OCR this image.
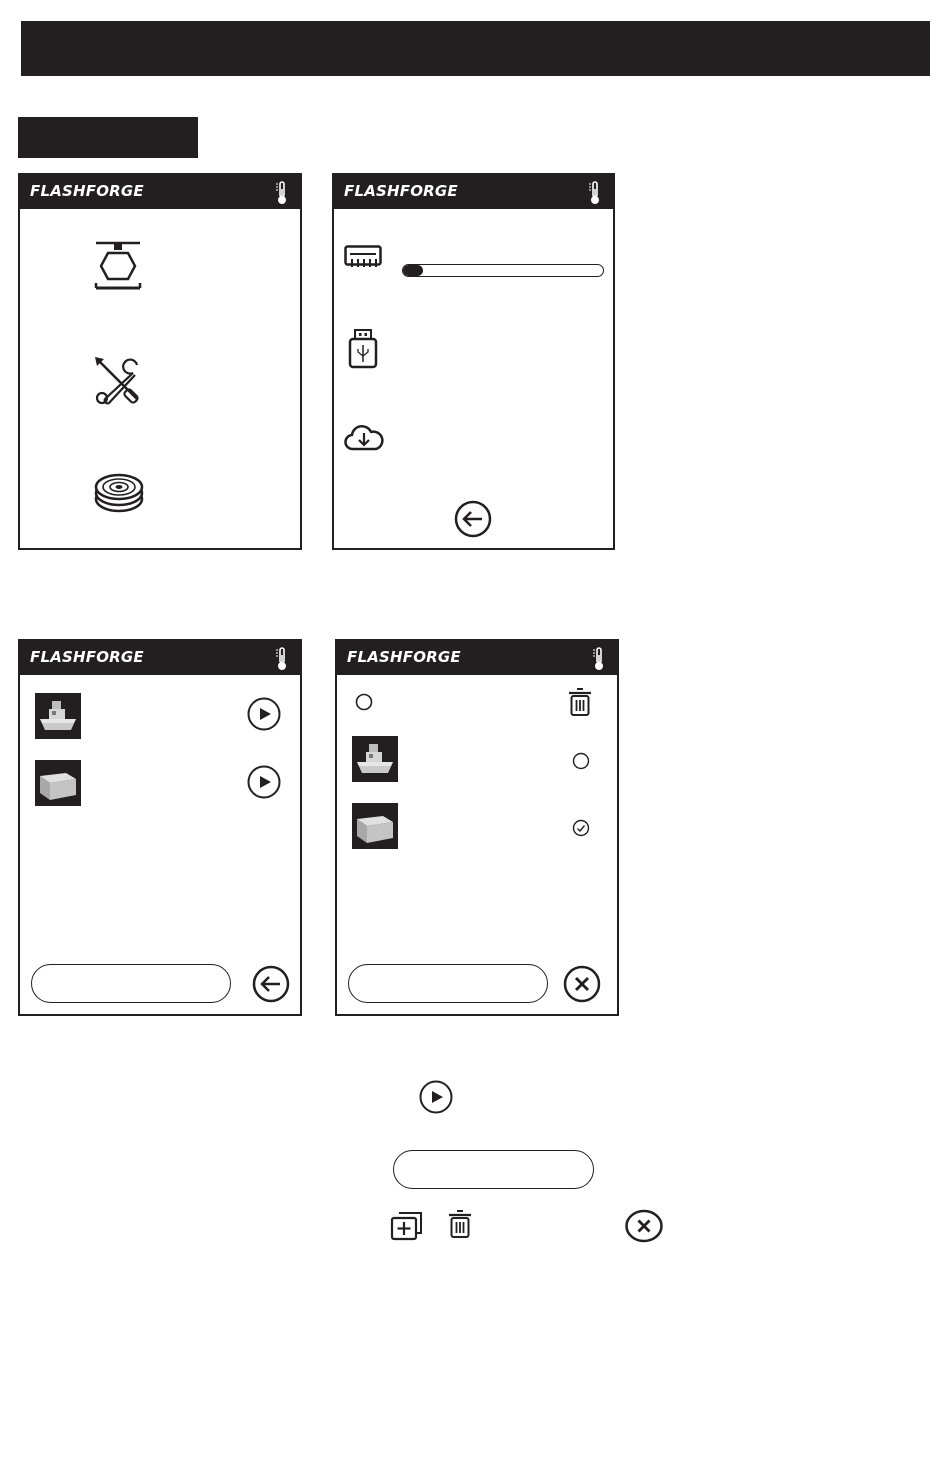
FLASHFORGE	FLASHFORGE
FLASHFORGE	FLASHFORGE
